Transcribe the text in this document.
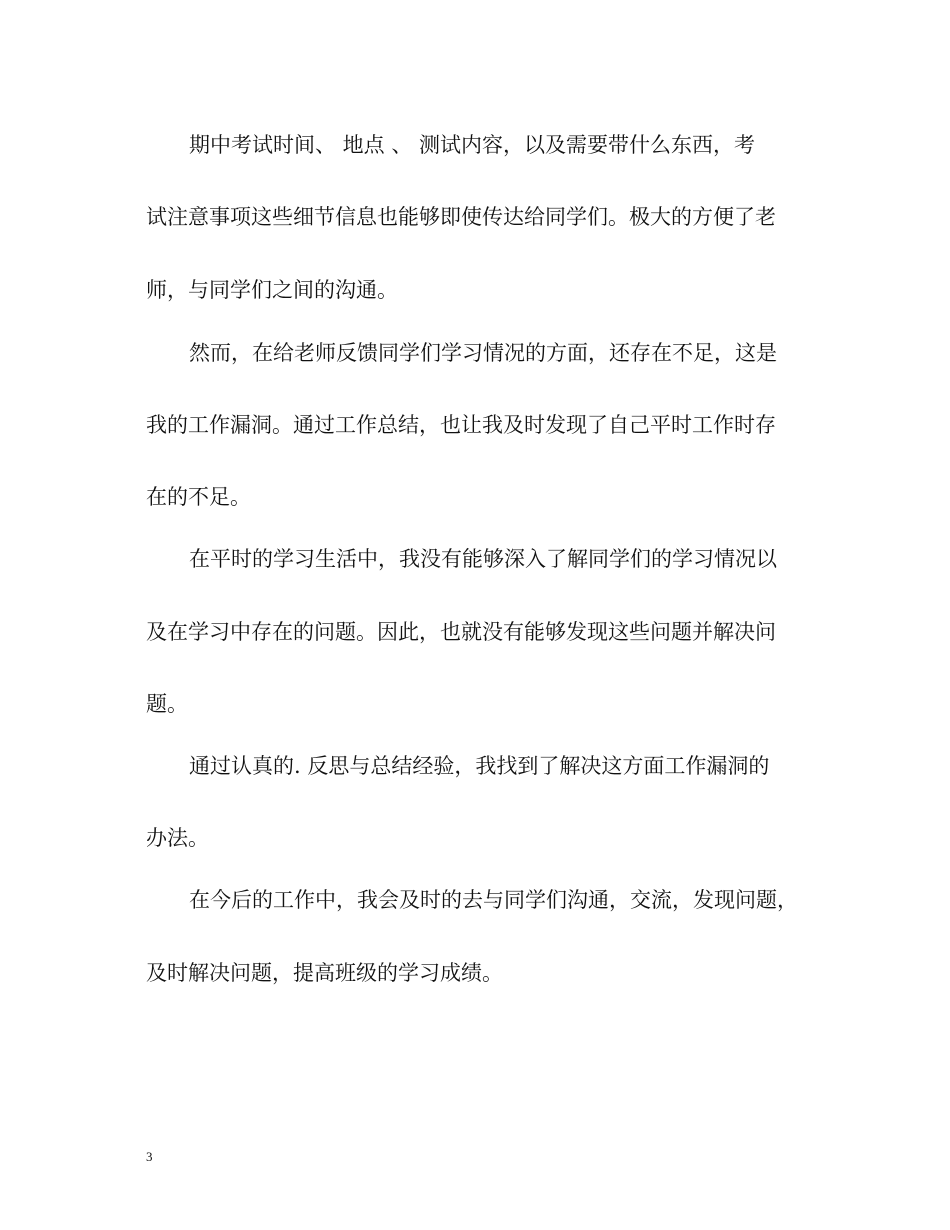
期中考试时间、 地点 、 测试内容，以及需要带什么东西，考
试注意事项这些细节信息也能够即使传达给同学们。极大的方便了老
师，与同学们之间的沟通。
然而，在给老师反馈同学们学习情况的方面，还存在不足，这是
我的工作漏洞。通过工作总结，也让我及时发现了自己平时工作时存
在的不足。
在平时的学习生活中，我没有能够深入了解同学们的学习情况以
及在学习中存在的问题。因此，也就没有能够发现这些问题并解决问
题。
通过认真的. 反思与总结经验，我找到了解决这方面工作漏洞的
办法。
在今后的工作中，我会及时的去与同学们沟通，交流，发现问题，
及时解决问题，提高班级的学习成绩。
3
